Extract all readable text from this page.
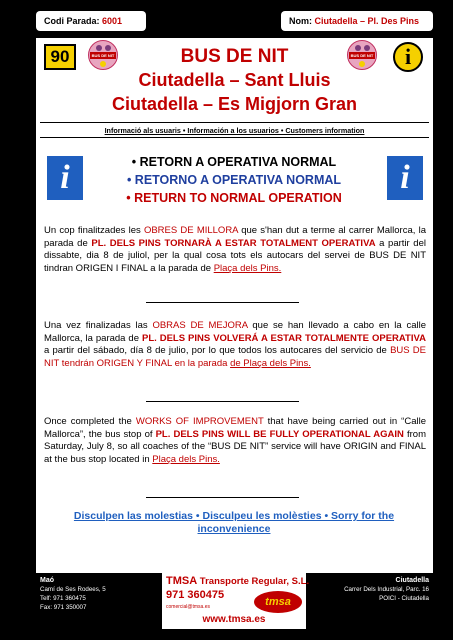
Codi Parada: 6001	Nom: Ciutadella – Pl. Des Pins
90	BUS DE NIT	BUS DE NIT	i
BUS DE NIT
Ciutadella – Sant Lluis
Ciutadella – Es Migjorn Gran
Informació als usuaris • Información a los usuarios • Customers information
i	i
• RETORN A OPERATIVA NORMAL
• RETORNO A OPERATIVA NORMAL
• RETURN TO NORMAL OPERATION
Un cop finalitzades les OBRES DE MILLORA que s'han dut a terme al carrer Mallorca, la parada de PL. DELS PINS TORNARÀ A ESTAR TOTALMENT OPERATIVA a partir del dissabte, dia 8 de juliol, per la qual cosa tots els autocars del servei de BUS DE NIT tindran ORIGEN I FINAL a la parada de Plaça dels Pins.
Una vez finalizadas las OBRAS DE MEJORA que se han llevado a cabo en la calle Mallorca, la parada de PL. DELS PINS VOLVERÁ A ESTAR TOTALMENTE OPERATIVA a partir del sábado, día 8 de julio, por lo que todos los autocares del servicio de BUS DE NIT tendrán ORIGEN Y FINAL en la parada de Plaça dels Pins.
Once completed the WORKS OF IMPROVEMENT that have being carried out in “Calle Mallorca”, the bus stop of PL. DELS PINS WILL BE FULLY OPERATIONAL AGAIN from Saturday, July 8, so all coaches of the “BUS DE NIT” service will have ORIGIN and FINAL at the bus stop located in Plaça dels Pins.
Disculpen las molestias • Disculpeu les molèsties • Sorry for the inconvenience
Maó
Camí de Ses Rodees, 5
Telf: 971 360475
Fax: 971 350007
TMSA Transporte Regular, S.L.
971 360475
comercial@tmsa.es	tmsa
www.tmsa.es
Ciutadella
Carrer Dels Industrial, Parc. 16
POICI - Ciutadella
